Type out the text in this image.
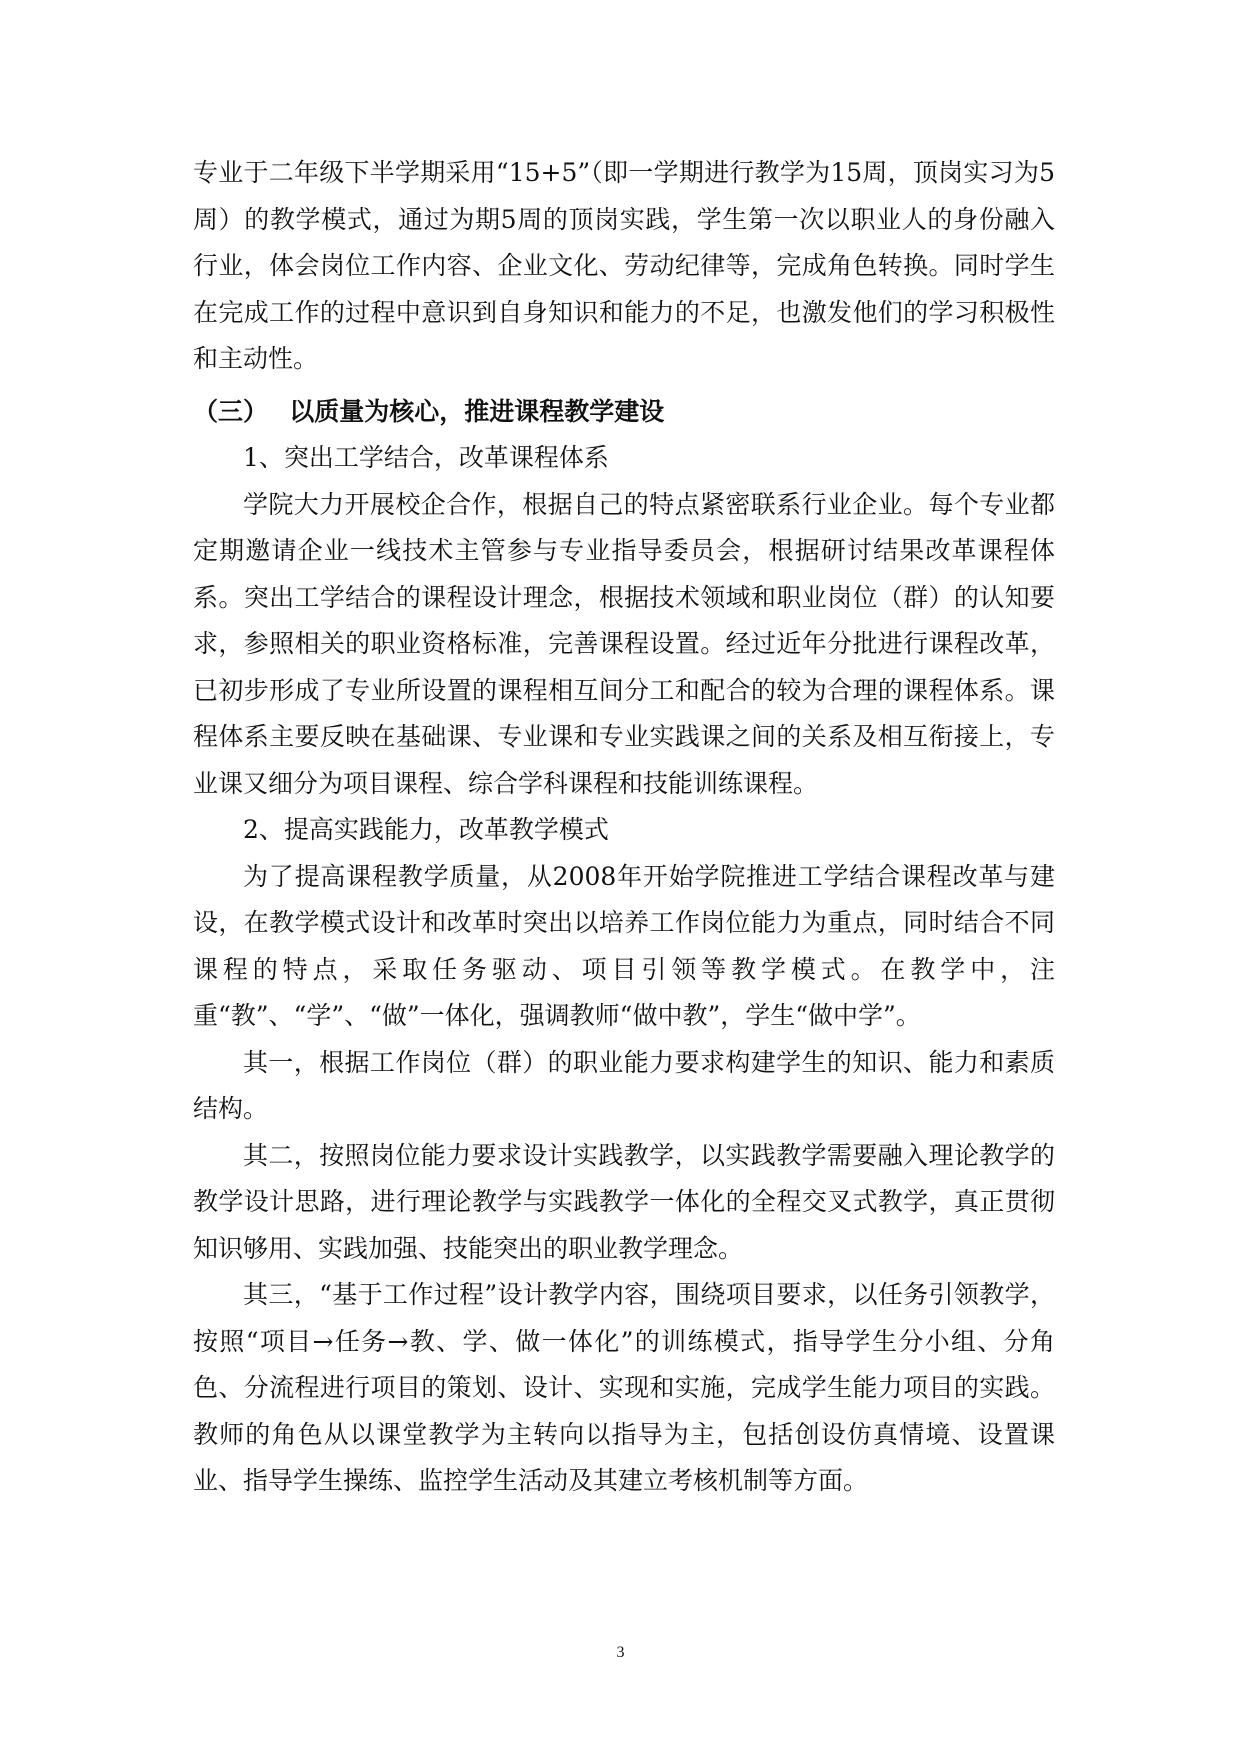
专业于二年级下半学期采用“15+5”（即一学期进行教学为15周，顶岗实习为5周）的教学模式，通过为期5周的顶岗实践，学生第一次以职业人的身份融入行业，体会岗位工作内容、企业文化、劳动纪律等，完成角色转换。同时学生在完成工作的过程中意识到自身知识和能力的不足，也激发他们的学习积极性和主动性。

（三）　 以质量为核心，推进课程教学建设

1、突出工学结合，改革课程体系

学院大力开展校企合作，根据自己的特点紧密联系行业企业。每个专业都定期邀请企业一线技术主管参与专业指导委员会，根据研讨结果改革课程体系。突出工学结合的课程设计理念，根据技术领域和职业岗位（群）的认知要求，参照相关的职业资格标准，完善课程设置。经过近年分批进行课程改革，已初步形成了专业所设置的课程相互间分工和配合的较为合理的课程体系。课程体系主要反映在基础课、专业课和专业实践课之间的关系及相互衔接上，专业课又细分为项目课程、综合学科课程和技能训练课程。

2、提高实践能力，改革教学模式

为了提高课程教学质量，从2008年开始学院推进工学结合课程改革与建设，在教学模式设计和改革时突出以培养工作岗位能力为重点，同时结合不同课程的特点，采取任务驱动、项目引领等教学模式。在教学中，注重“教”、“学”、“做”一体化，强调教师“做中教”，学生“做中学”。

其一，根据工作岗位（群）的职业能力要求构建学生的知识、能力和素质结构。

其二，按照岗位能力要求设计实践教学，以实践教学需要融入理论教学的教学设计思路，进行理论教学与实践教学一体化的全程交叉式教学，真正贯彻知识够用、实践加强、技能突出的职业教学理念。

其三，“基于工作过程”设计教学内容，围绕项目要求，以任务引领教学，按照“项目→任务→教、学、做一体化”的训练模式，指导学生分小组、分角色、分流程进行项目的策划、设计、实现和实施，完成学生能力项目的实践。教师的角色从以课堂教学为主转向以指导为主，包括创设仿真情境、设置课业、指导学生操练、监控学生活动及其建立考核机制等方面。

3
